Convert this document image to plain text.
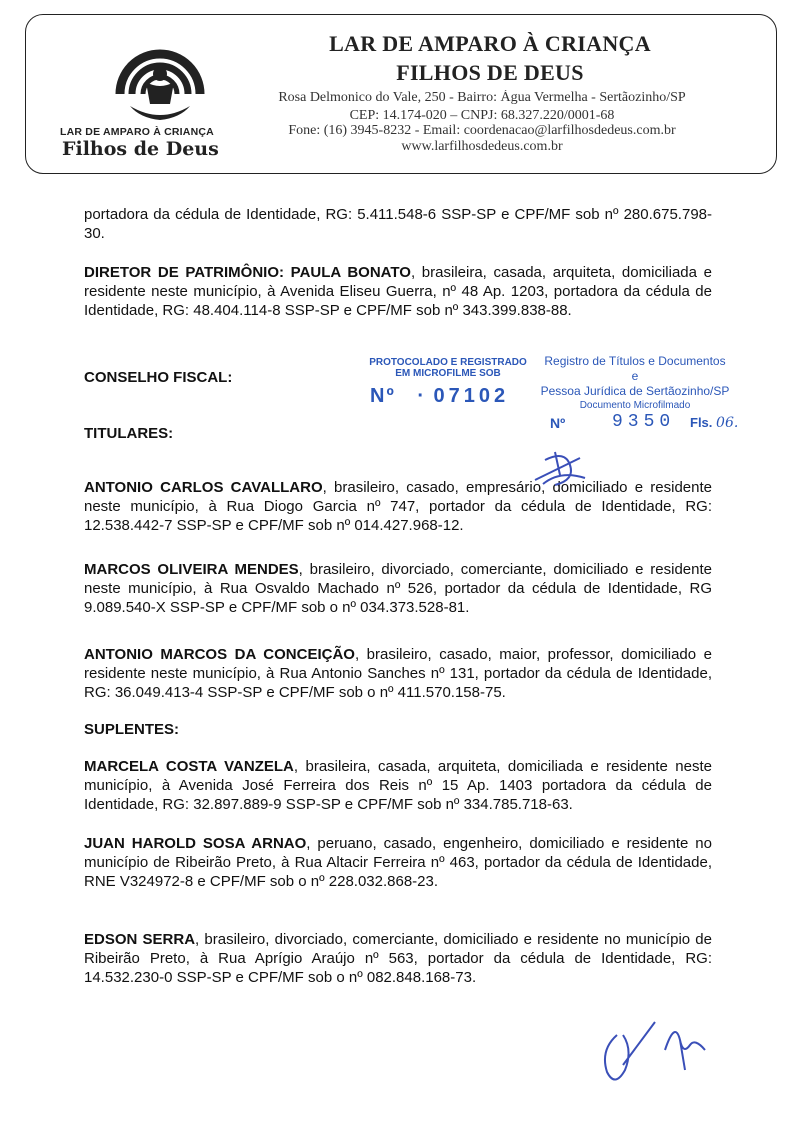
LAR DE AMPARO À CRIANÇA
Filhos de Deus
LAR DE AMPARO À CRIANÇA
FILHOS DE DEUS
Rosa Delmonico do Vale, 250 - Bairro: Água Vermelha - Sertãozinho/SP
CEP: 14.174-020 – CNPJ: 68.327.220/0001-68
Fone: (16) 3945-8232 - Email: coordenacao@larfilhosdedeus.com.br
www.larfilhosdedeus.com.br
portadora da cédula de Identidade, RG: 5.411.548-6 SSP-SP e CPF/MF sob nº 280.675.798-30.
DIRETOR DE PATRIMÔNIO: PAULA BONATO, brasileira, casada, arquiteta, domiciliada e residente neste município, à Avenida Eliseu Guerra, nº 48 Ap. 1203, portadora da cédula de Identidade, RG: 48.404.114-8 SSP-SP e CPF/MF sob nº 343.399.838-88.
CONSELHO FISCAL:
TITULARES:
ANTONIO CARLOS CAVALLARO, brasileiro, casado, empresário, domiciliado e residente neste município, à Rua Diogo Garcia nº 747, portador da cédula de Identidade, RG: 12.538.442-7 SSP-SP e CPF/MF sob nº 014.427.968-12.
MARCOS OLIVEIRA MENDES, brasileiro, divorciado, comerciante, domiciliado e residente neste município, à Rua Osvaldo Machado nº 526, portador da cédula de Identidade, RG 9.089.540-X SSP-SP e CPF/MF sob o nº 034.373.528-81.
ANTONIO MARCOS DA CONCEIÇÃO, brasileiro, casado, maior, professor, domiciliado e residente neste município, à Rua Antonio Sanches nº 131, portador da cédula de Identidade, RG: 36.049.413-4 SSP-SP e CPF/MF sob o nº 411.570.158-75.
SUPLENTES:
MARCELA COSTA VANZELA, brasileira, casada, arquiteta, domiciliada e residente neste município, à Avenida José Ferreira dos Reis nº 15 Ap. 1403 portadora da cédula de Identidade, RG: 32.897.889-9 SSP-SP e CPF/MF sob nº 334.785.718-63.
JUAN HAROLD SOSA ARNAO, peruano, casado, engenheiro, domiciliado e residente no município de Ribeirão Preto, à Rua Altacir Ferreira nº 463, portador da cédula de Identidade, RNE V324972-8 e CPF/MF sob o nº 228.032.868-23.
EDSON SERRA, brasileiro, divorciado, comerciante, domiciliado e residente no município de Ribeirão Preto, à Rua Aprígio Araújo nº 563, portador da cédula de Identidade, RG: 14.532.230-0 SSP-SP e CPF/MF sob o nº 082.848.168-73.
PROTOCOLADO E REGISTRADO
EM MICROFILME SOB
Nº · 07102
Registro de Títulos e Documentos e
Pessoa Jurídica de Sertãozinho/SP
Documento Microfilmado
Nº	9350 Fls. 06.
